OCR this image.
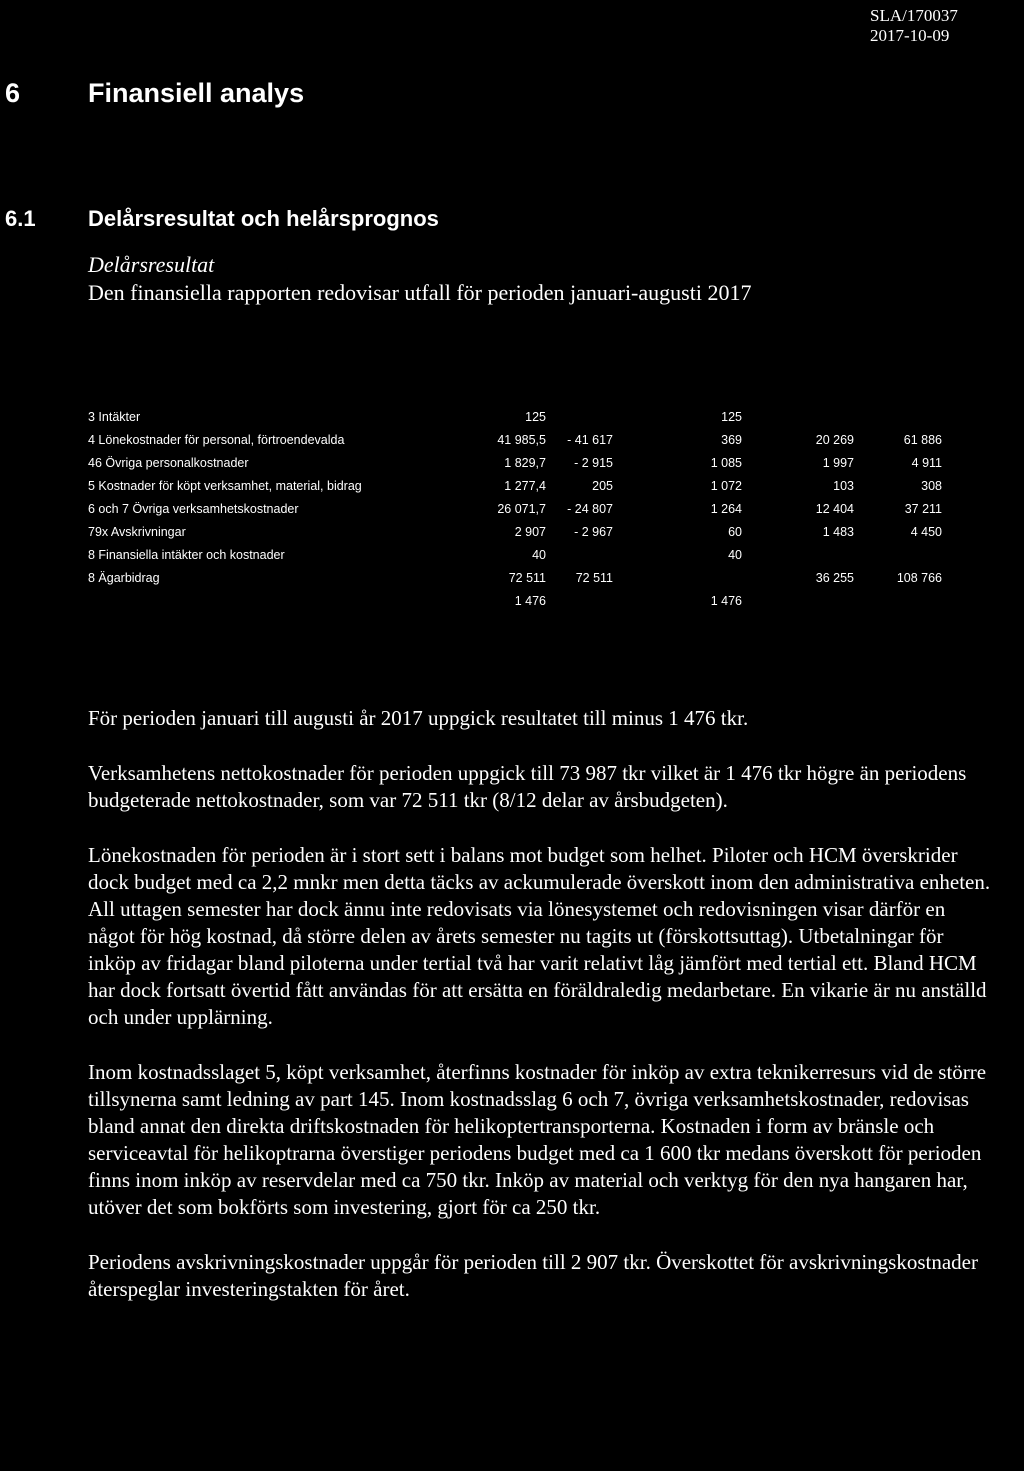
SLA/170037
2017-10-09
6	Finansiell analys
6.1 Delårsresultat och helårsprognos
Delårsresultat
Den finansiella rapporten redovisar utfall för perioden januari-augusti 2017
3 Intäkter	125		125		
4 Lönekostnader för personal, förtroendevalda	41 985,5	- 41 617	369	20 269	61 886
46 Övriga personalkostnader	1 829,7	- 2 915	1 085	1 997	4 911
5 Kostnader för köpt verksamhet, material, bidrag	1 277,4	205	1 072	103	308
6 och 7 Övriga verksamhetskostnader	26 071,7	- 24 807	1 264	12 404	37 211
79x Avskrivningar	2 907	- 2 967	60	1 483	4 450
8 Finansiella intäkter och kostnader	40		40		
8 Ägarbidrag	72 511	72 511		36 255	108 766
	1 476		1 476		

För perioden januari till augusti år 2017 uppgick resultatet till minus 1 476 tkr.

Verksamhetens nettokostnader för perioden uppgick till 73 987 tkr vilket är 1 476 tkr högre än periodens budgeterade nettokostnader, som var 72 511 tkr (8/12 delar av årsbudgeten).

Lönekostnaden för perioden är i stort sett i balans mot budget som helhet. Piloter och HCM överskrider dock budget med ca 2,2 mnkr men detta täcks av ackumulerade överskott inom den administrativa enheten. All uttagen semester har dock ännu inte redovisats via lönesystemet och redovisningen visar därför en något för hög kostnad, då större delen av årets semester nu tagits ut (förskottsuttag). Utbetalningar för inköp av fridagar bland piloterna under tertial två har varit relativt låg jämfört med tertial ett. Bland HCM har dock fortsatt övertid fått användas för att ersätta en föräldraledig medarbetare. En vikarie är nu anställd och under upplärning.

Inom kostnadsslaget 5, köpt verksamhet, återfinns kostnader för inköp av extra teknikerresurs vid de större tillsynerna samt ledning av part 145. Inom kostnadsslag 6 och 7, övriga verksamhetskostnader, redovisas bland annat den direkta driftskostnaden för helikoptertransporterna. Kostnaden i form av bränsle och serviceavtal för helikoptrarna överstiger periodens budget med ca 1 600 tkr medans överskott för perioden finns inom inköp av reservdelar med ca 750 tkr. Inköp av material och verktyg för den nya hangaren har, utöver det som bokförts som investering, gjort för ca 250 tkr.

Periodens avskrivningskostnader uppgår för perioden till 2 907 tkr. Överskottet för avskrivningskostnader återspeglar investeringstakten för året.
